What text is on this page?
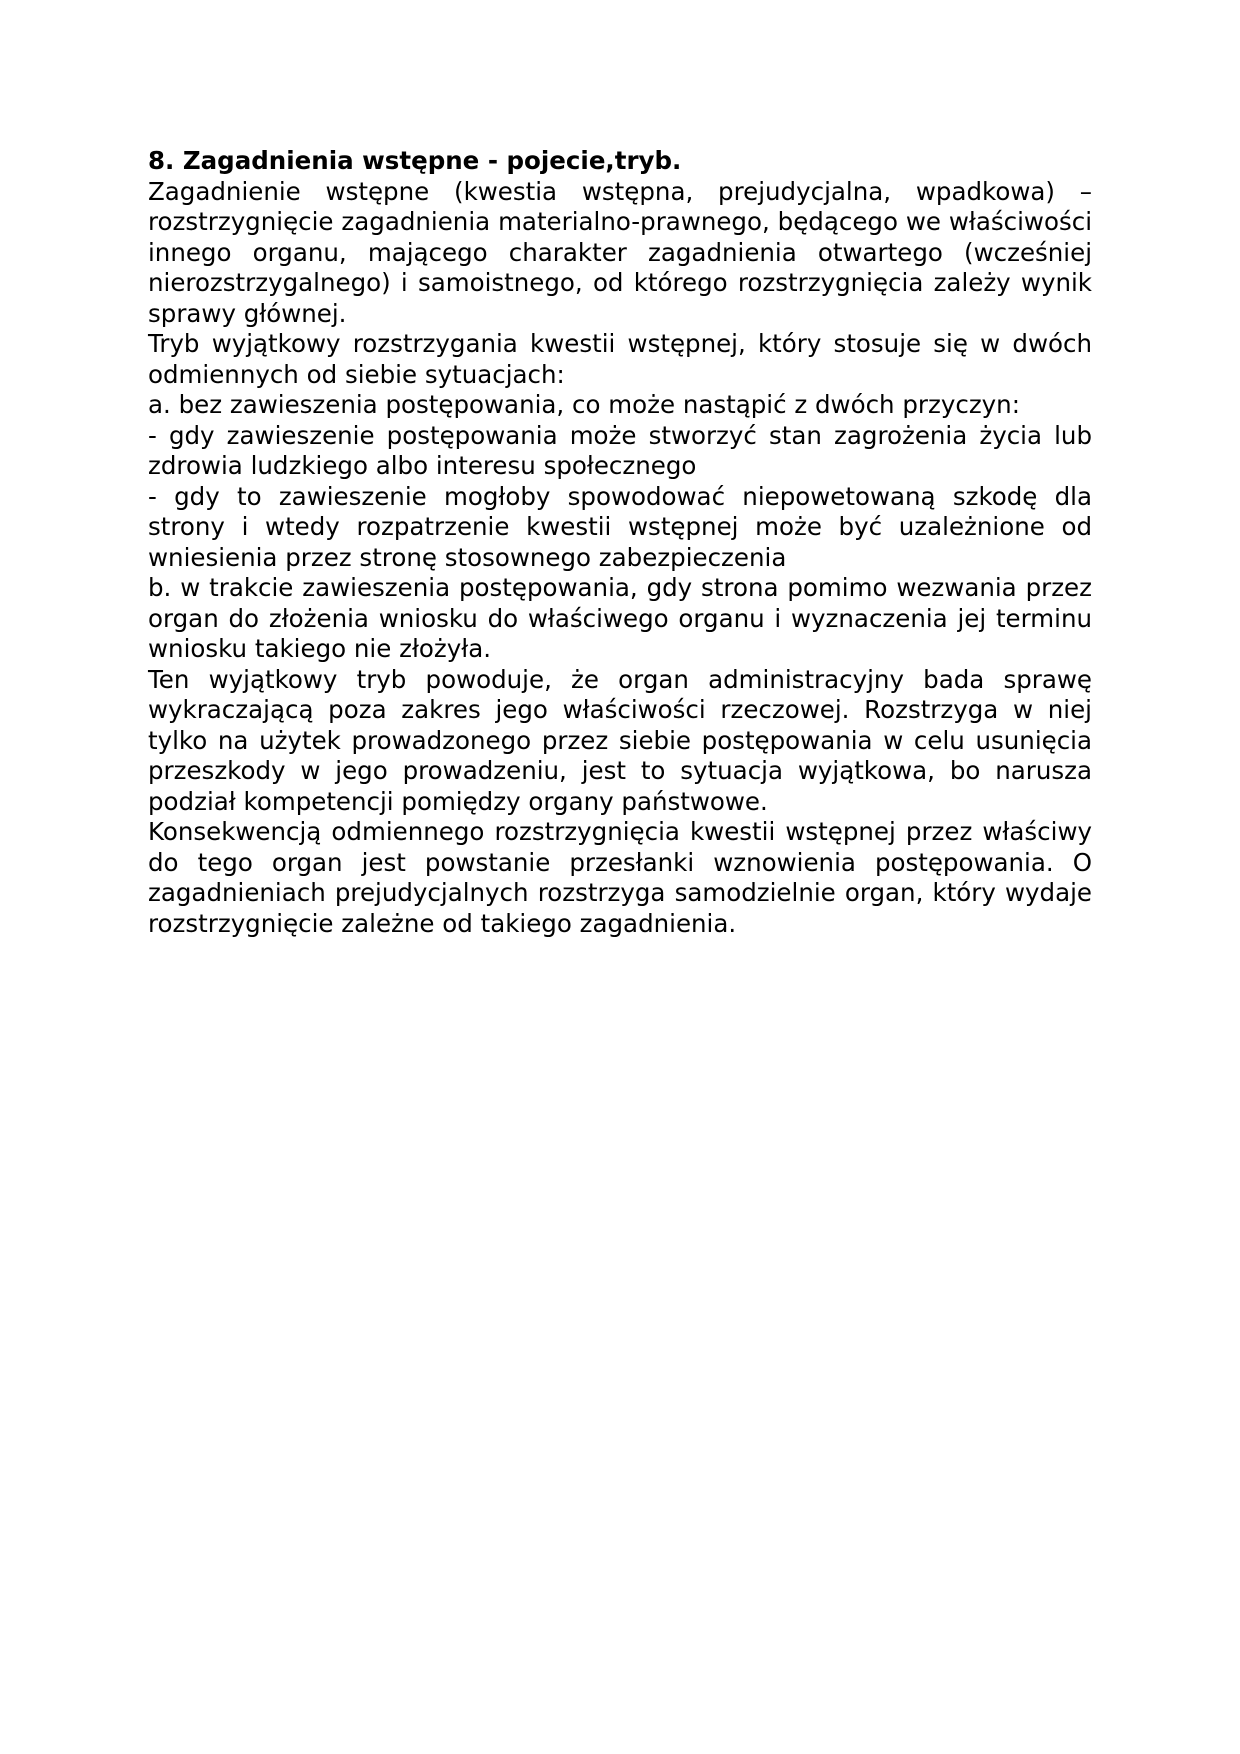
8. Zagadnienia wstępne - pojecie,tryb.

Zagadnienie wstępne (kwestia wstępna, prejudycjalna, wpadkowa) – rozstrzygnięcie zagadnienia materialno-prawnego, będącego we właściwości innego organu, mającego charakter zagadnienia otwartego (wcześniej nierozstrzygalnego) i samoistnego, od którego rozstrzygnięcia zależy wynik sprawy głównej.

Tryb wyjątkowy rozstrzygania kwestii wstępnej, który stosuje się w dwóch odmiennych od siebie sytuacjach:

a. bez zawieszenia postępowania, co może nastąpić z dwóch przyczyn:

- gdy zawieszenie postępowania może stworzyć stan zagrożenia życia lub zdrowia ludzkiego albo interesu społecznego

- gdy to zawieszenie mogłoby spowodować niepowetowaną szkodę dla strony i wtedy rozpatrzenie kwestii wstępnej może być uzależnione od wniesienia przez stronę stosownego zabezpieczenia

b. w trakcie zawieszenia postępowania, gdy strona pomimo wezwania przez organ do złożenia wniosku do właściwego organu i wyznaczenia jej terminu wniosku takiego nie złożyła.

Ten wyjątkowy tryb powoduje, że organ administracyjny bada sprawę wykraczającą poza zakres jego właściwości rzeczowej. Rozstrzyga w niej tylko na użytek prowadzonego przez siebie postępowania w celu usunięcia przeszkody w jego prowadzeniu, jest to sytuacja wyjątkowa, bo narusza podział kompetencji pomiędzy organy państwowe.

Konsekwencją odmiennego rozstrzygnięcia kwestii wstępnej przez właściwy do tego organ jest powstanie przesłanki wznowienia postępowania. O zagadnieniach prejudycjalnych rozstrzyga samodzielnie organ, który wydaje rozstrzygnięcie zależne od takiego zagadnienia.
